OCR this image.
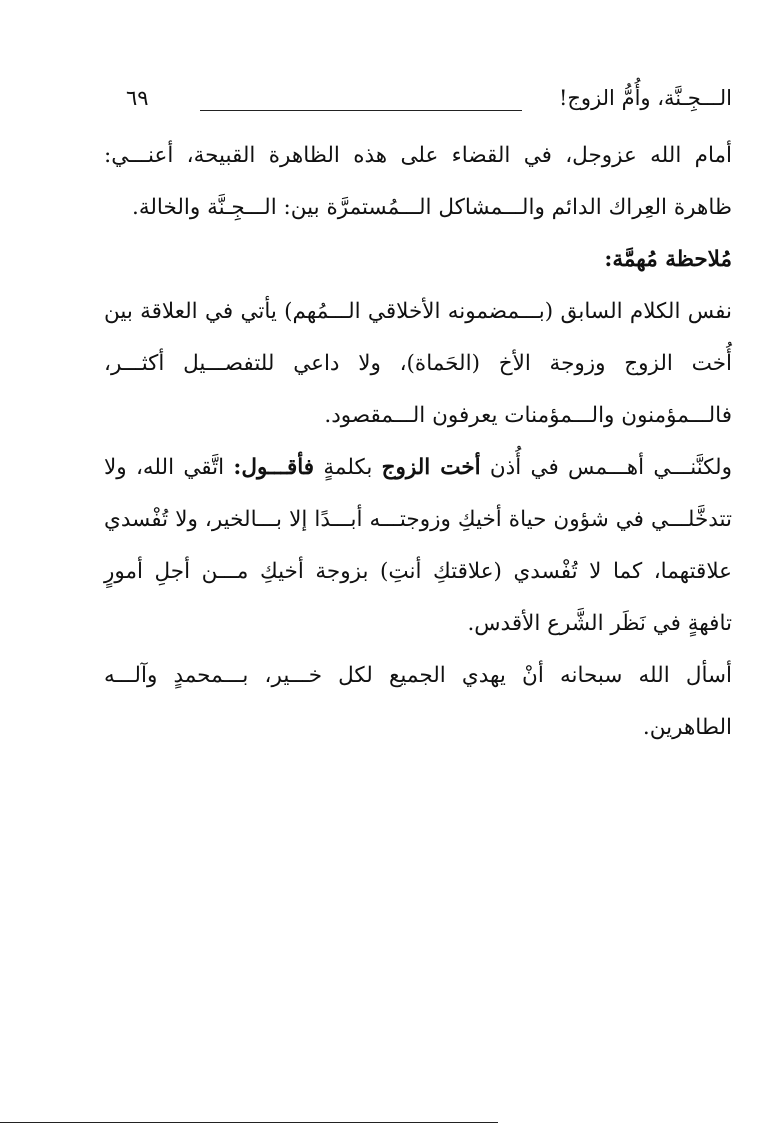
الـــجِـنَّة، وأُمُّ الزوج!
٦٩

أمام الله عزوجل، في القضاء على هذه الظاهرة القبيحة، أعنـــي: ظاهرة العِراك الدائم والـــمشاكل الـــمُستمرَّة بين: الـــجِـنَّة والخالة.

مُلاحظة مُهمَّة:

نفس الكلام السابق (بـــمضمونه الأخلاقي الـــمُهم) يأتي في العلاقة بين أُخت الزوج وزوجة الأخ (الحَماة)، ولا داعي للتفصـــيل أكثـــر، فالـــمؤمنون والـــمؤمنات يعرفون الـــمقصود.

ولكنَّنـــي أهـــمس في أُذن أخت الزوج بكلمةٍ فأقـــول: اتَّقي الله، ولا تتدخَّلـــي في شؤون حياة أخيكِ وزوجتـــه أبـــدًا إلا بـــالخير، ولا تُفْسدي علاقتهما، كما لا تُفْسدي (علاقتكِ أنتِ) بزوجة أخيكِ مـــن أجلِ أمورٍ تافهةٍ في نَظَر الشَّرع الأقدس.

أسأل الله سبحانه أنْ يهدي الجميع لكل خـــير، بـــمحمدٍ وآلـــه الطاهرين.
